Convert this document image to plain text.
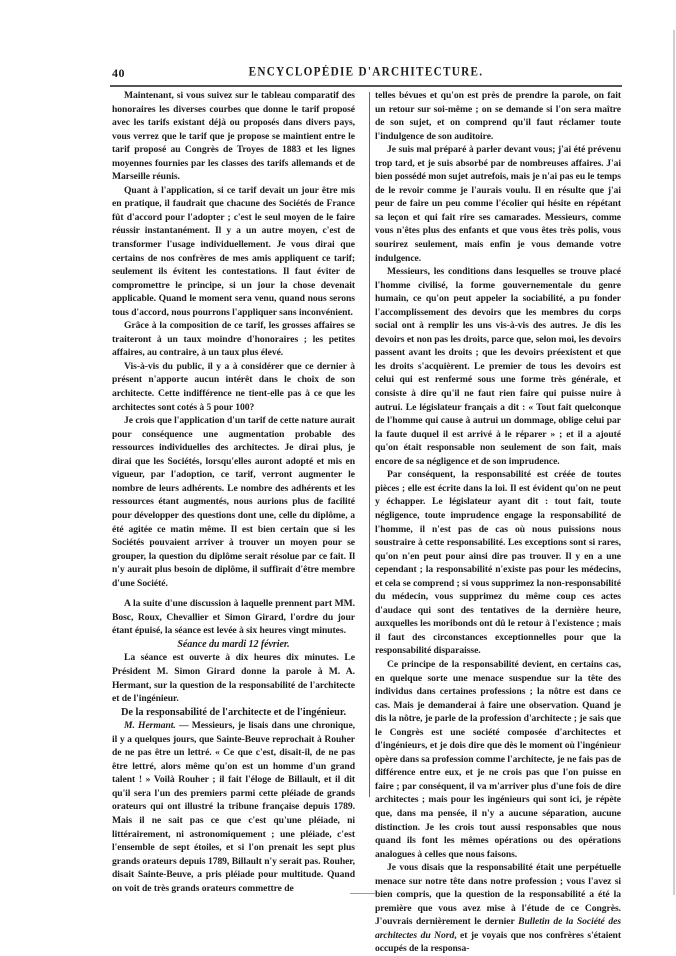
40	ENCYCLOPÉDIE D'ARCHITECTURE.

Maintenant, si vous suivez sur le tableau comparatif des honoraires les diverses courbes que donne le tarif proposé avec les tarifs existant déjà ou proposés dans divers pays, vous verrez que le tarif que je propose se maintient entre le tarif proposé au Congrès de Troyes de 1883 et les lignes moyennes fournies par les classes des tarifs allemands et de Marseille réunis.

Quant à l'application, si ce tarif devait un jour être mis en pratique, il faudrait que chacune des Sociétés de France fût d'accord pour l'adopter ; c'est le seul moyen de le faire réussir instantanément. Il y a un autre moyen, c'est de transformer l'usage individuellement. Je vous dirai que certains de nos confrères de mes amis appliquent ce tarif; seulement ils évitent les contestations. Il faut éviter de compromettre le principe, si un jour la chose devenait applicable. Quand le moment sera venu, quand nous serons tous d'accord, nous pourrons l'appliquer sans inconvénient.

Grâce à la composition de ce tarif, les grosses affaires se traiteront à un taux moindre d'honoraires ; les petites affaires, au contraire, à un taux plus élevé.

Vis-à-vis du public, il y a à considérer que ce dernier à présent n'apporte aucun intérêt dans le choix de son architecte. Cette indifférence ne tient-elle pas à ce que les architectes sont cotés à 5 pour 100?

Je crois que l'application d'un tarif de cette nature aurait pour conséquence une augmentation probable des ressources individuelles des architectes. Je dirai plus, je dirai que les Sociétés, lorsqu'elles auront adopté et mis en vigueur, par l'adoption, ce tarif, verront augmenter le nombre de leurs adhérents. Le nombre des adhérents et les ressources étant augmentés, nous aurions plus de facilité pour développer des questions dont une, celle du diplôme, a été agitée ce matin même. Il est bien certain que si les Sociétés pouvaient arriver à trouver un moyen pour se grouper, la question du diplôme serait résolue par ce fait. Il n'y aurait plus besoin de diplôme, il suffirait d'être membre d'une Société.

A la suite d'une discussion à laquelle prennent part MM. Bosc, Roux, Chevallier et Simon Girard, l'ordre du jour étant épuisé, la séance est levée à six heures vingt minutes.

Séance du mardi 12 février.

La séance est ouverte à dix heures dix minutes. Le Président M. Simon Girard donne la parole à M. A. Hermant, sur la question de la responsabilité de l'architecte et de l'ingénieur.

De la responsabilité de l'architecte et de l'ingénieur.

M. Hermant. — Messieurs, je lisais dans une chronique, il y a quelques jours, que Sainte-Beuve reprochait à Rouher de ne pas être un lettré. « Ce que c'est, disait-il, de ne pas être lettré, alors même qu'on est un homme d'un grand talent ! » Voilà Rouher ; il fait l'éloge de Billault, et il dit qu'il sera l'un des premiers parmi cette pléiade de grands orateurs qui ont illustré la tribune française depuis 1789. Mais il ne sait pas ce que c'est qu'une pléiade, ni littérairement, ni astronomiquement ; une pléiade, c'est l'ensemble de sept étoiles, et si l'on prenait les sept plus grands orateurs depuis 1789, Billault n'y serait pas. Rouher, disait Sainte-Beuve, a pris pléiade pour multitude. Quand on voit de très grands orateurs commettre de

telles bévues et qu'on est près de prendre la parole, on fait un retour sur soi-même ; on se demande si l'on sera maître de son sujet, et on comprend qu'il faut réclamer toute l'indulgence de son auditoire.

Je suis mal préparé à parler devant vous; j'ai été prévenu trop tard, et je suis absorbé par de nombreuses affaires. J'ai bien possédé mon sujet autrefois, mais je n'ai pas eu le temps de le revoir comme je l'aurais voulu. Il en résulte que j'ai peur de faire un peu comme l'écolier qui hésite en répétant sa leçon et qui fait rire ses camarades. Messieurs, comme vous n'êtes plus des enfants et que vous êtes très polis, vous sourirez seulement, mais enfin je vous demande votre indulgence.

Messieurs, les conditions dans lesquelles se trouve placé l'homme civilisé, la forme gouvernementale du genre humain, ce qu'on peut appeler la sociabilité, a pu fonder l'accomplissement des devoirs que les membres du corps social ont à remplir les uns vis-à-vis des autres. Je dis les devoirs et non pas les droits, parce que, selon moi, les devoirs passent avant les droits ; que les devoirs préexistent et que les droits s'acquièrent. Le premier de tous les devoirs est celui qui est renfermé sous une forme très générale, et consiste à dire qu'il ne faut rien faire qui puisse nuire à autrui. Le législateur français a dit : « Tout fait quelconque de l'homme qui cause à autrui un dommage, oblige celui par la faute duquel il est arrivé à le réparer » ; et il a ajouté qu'on était responsable non seulement de son fait, mais encore de sa négligence et de son imprudence.

Par conséquent, la responsabilité est créée de toutes pièces ; elle est écrite dans la loi. Il est évident qu'on ne peut y échapper. Le législateur ayant dit : tout fait, toute négligence, toute imprudence engage la responsabilité de l'homme, il n'est pas de cas où nous puissions nous soustraire à cette responsabilité. Les exceptions sont si rares, qu'on n'en peut pour ainsi dire pas trouver. Il y en a une cependant ; la responsabilité n'existe pas pour les médecins, et cela se comprend ; si vous supprimez la non-responsabilité du médecin, vous supprimez du même coup ces actes d'audace qui sont des tentatives de la dernière heure, auxquelles les moribonds ont dû le retour à l'existence ; mais il faut des circonstances exceptionnelles pour que la responsabilité disparaisse.

Ce principe de la responsabilité devient, en certains cas, en quelque sorte une menace suspendue sur la tête des individus dans certaines professions ; la nôtre est dans ce cas. Mais je demanderai à faire une observation. Quand je dis la nôtre, je parle de la profession d'architecte ; je sais que le Congrès est une société composée d'architectes et d'ingénieurs, et je dois dire que dès le moment où l'ingénieur opère dans sa profession comme l'architecte, je ne fais pas de différence entre eux, et je ne crois pas que l'on puisse en faire ; par conséquent, il va m'arriver plus d'une fois de dire architectes ; mais pour les ingénieurs qui sont ici, je répète que, dans ma pensée, il n'y a aucune séparation, aucune distinction. Je les crois tout aussi responsables que nous quand ils font les mêmes opérations ou des opérations analogues à celles que nous faisons.

Je vous disais que la responsabilité était une perpétuelle menace sur notre tête dans notre profession ; vous l'avez si bien compris, que la question de la responsabilité a été la première que vous avez mise à l'étude de ce Congrès. J'ouvrais dernièrement le dernier Bulletin de la Société des architectes du Nord, et je voyais que nos confrères s'étaient occupés de la responsa-
